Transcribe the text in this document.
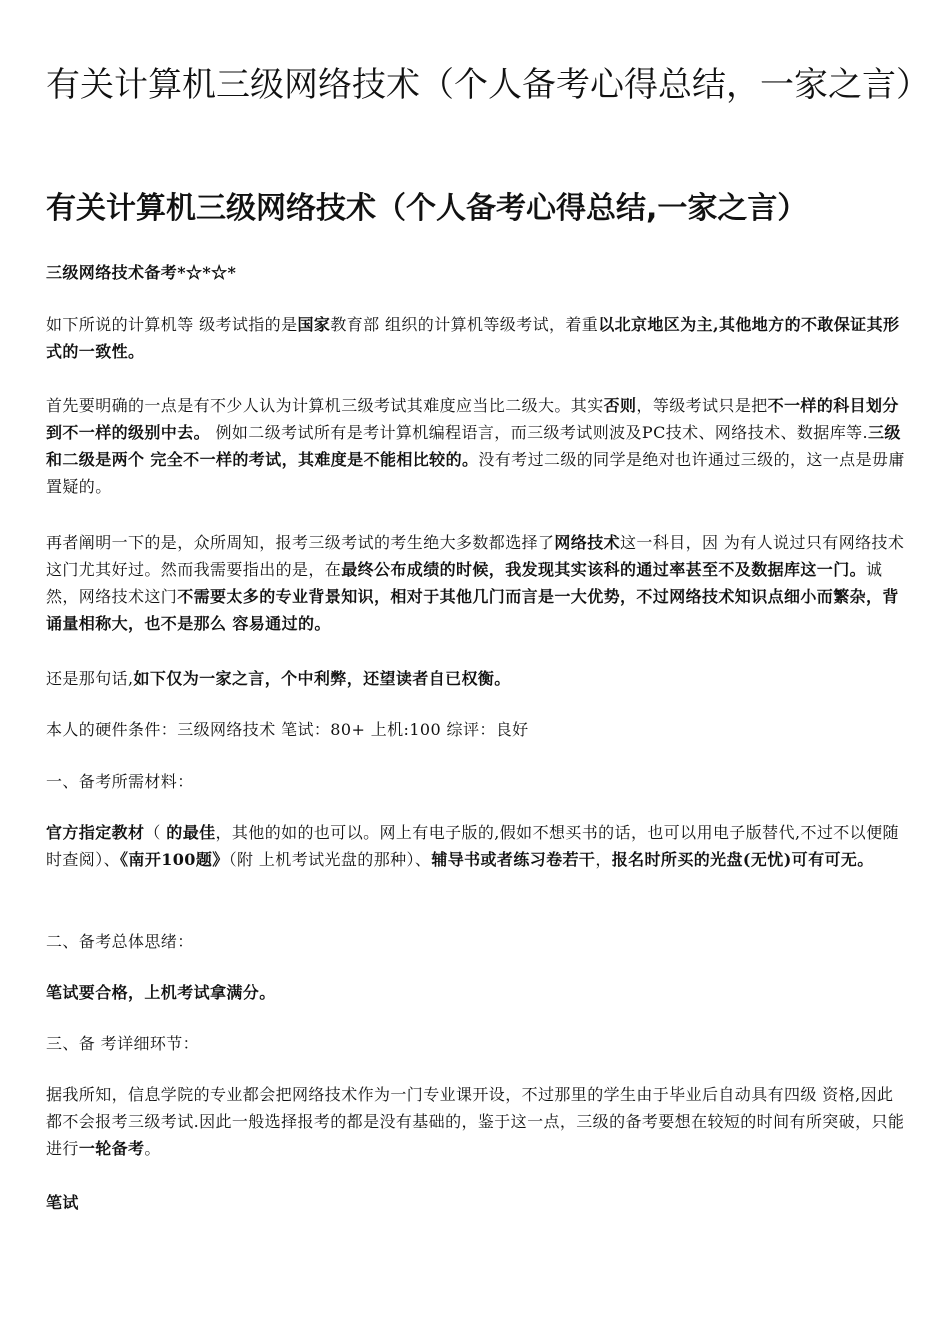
有关计算机三级网络技术（个人备考心得总结，一家之言）
有关计算机三级网络技术（个人备考心得总结,一家之言）

三级网络技术备考*☆*☆*

如下所说的计算机等 级考试指的是国家教育部 组织的计算机等级考试，着重以北京地区为主,其他地方的不敢保证其形式的一致性。

首先要明确的一点是有不少人认为计算机三级考试其难度应当比二级大。其实否则，等级考试只是把不一样的科目划分到不一样的级别中去。 例如二级考试所有是考计算机编程语言，而三级考试则波及PC技术、网络技术、数据库等.三级和二级是两个 完全不一样的考试，其难度是不能相比较的。没有考过二级的同学是绝对也许通过三级的，这一点是毋庸置疑的。

再者阐明一下的是，众所周知，报考三级考试的考生绝大多数都选择了网络技术这一科目，因 为有人说过只有网络技术这门尤其好过。然而我需要指出的是，在最终公布成绩的时候，我发现其实该科的通过率甚至不及数据库这一门。诚然，网络技术这门不需要太多的专业背景知识，相对于其他几门而言是一大优势，不过网络技术知识点细小而繁杂，背诵量相称大，也不是那么 容易通过的。

还是那句话,如下仅为一家之言，个中利弊，还望读者自已权衡。

本人的硬件条件：三级网络技术 笔试：80+ 上机:100 综评：良好

一、备考所需材料：

官方指定教材（ 的最佳，其他的如的也可以。网上有电子版的,假如不想买书的话，也可以用电子版替代,不过不以便随时查阅）、《南开100题》（附 上机考试光盘的那种）、辅导书或者练习卷若干，报名时所买的光盘(无忧)可有可无。

二、备考总体思绪：

笔试要合格，上机考试拿满分。

三、备 考详细环节：

据我所知，信息学院的专业都会把网络技术作为一门专业课开设，不过那里的学生由于毕业后自动具有四级 资格,因此都不会报考三级考试.因此一般选择报考的都是没有基础的，鉴于这一点，三级的备考要想在较短的时间有所突破，只能进行一轮备考。

笔试
